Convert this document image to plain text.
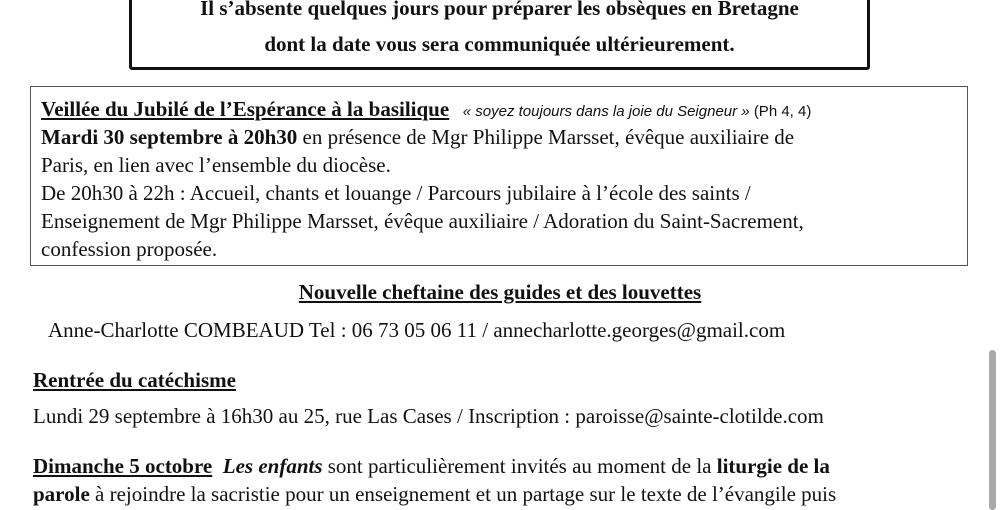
Il s’absente quelques jours pour préparer les obsèques en Bretagne
dont la date vous sera communiquée ultérieurement.
Veillée du Jubilé de l’Espérance à la basilique « soyez toujours dans la joie du Seigneur » (Ph 4, 4)
Mardi 30 septembre à 20h30 en présence de Mgr Philippe Marsset, évêque auxiliaire de
Paris, en lien avec l’ensemble du diocèse.
De 20h30 à 22h : Accueil, chants et louange / Parcours jubilaire à l’école des saints /
Enseignement de Mgr Philippe Marsset, évêque auxiliaire / Adoration du Saint-Sacrement,
confession proposée.
Nouvelle cheftaine des guides et des louvettes
Anne-Charlotte COMBEAUD Tel : 06 73 05 06 11 / annecharlotte.georges@gmail.com
Rentrée du catéchisme
Lundi 29 septembre à 16h30 au 25, rue Las Cases / Inscription : paroisse@sainte-clotilde.com
Dimanche 5 octobre Les enfants sont particulièrement invités au moment de la liturgie de la
parole à rejoindre la sacristie pour un enseignement et un partage sur le texte de l’évangile puis
